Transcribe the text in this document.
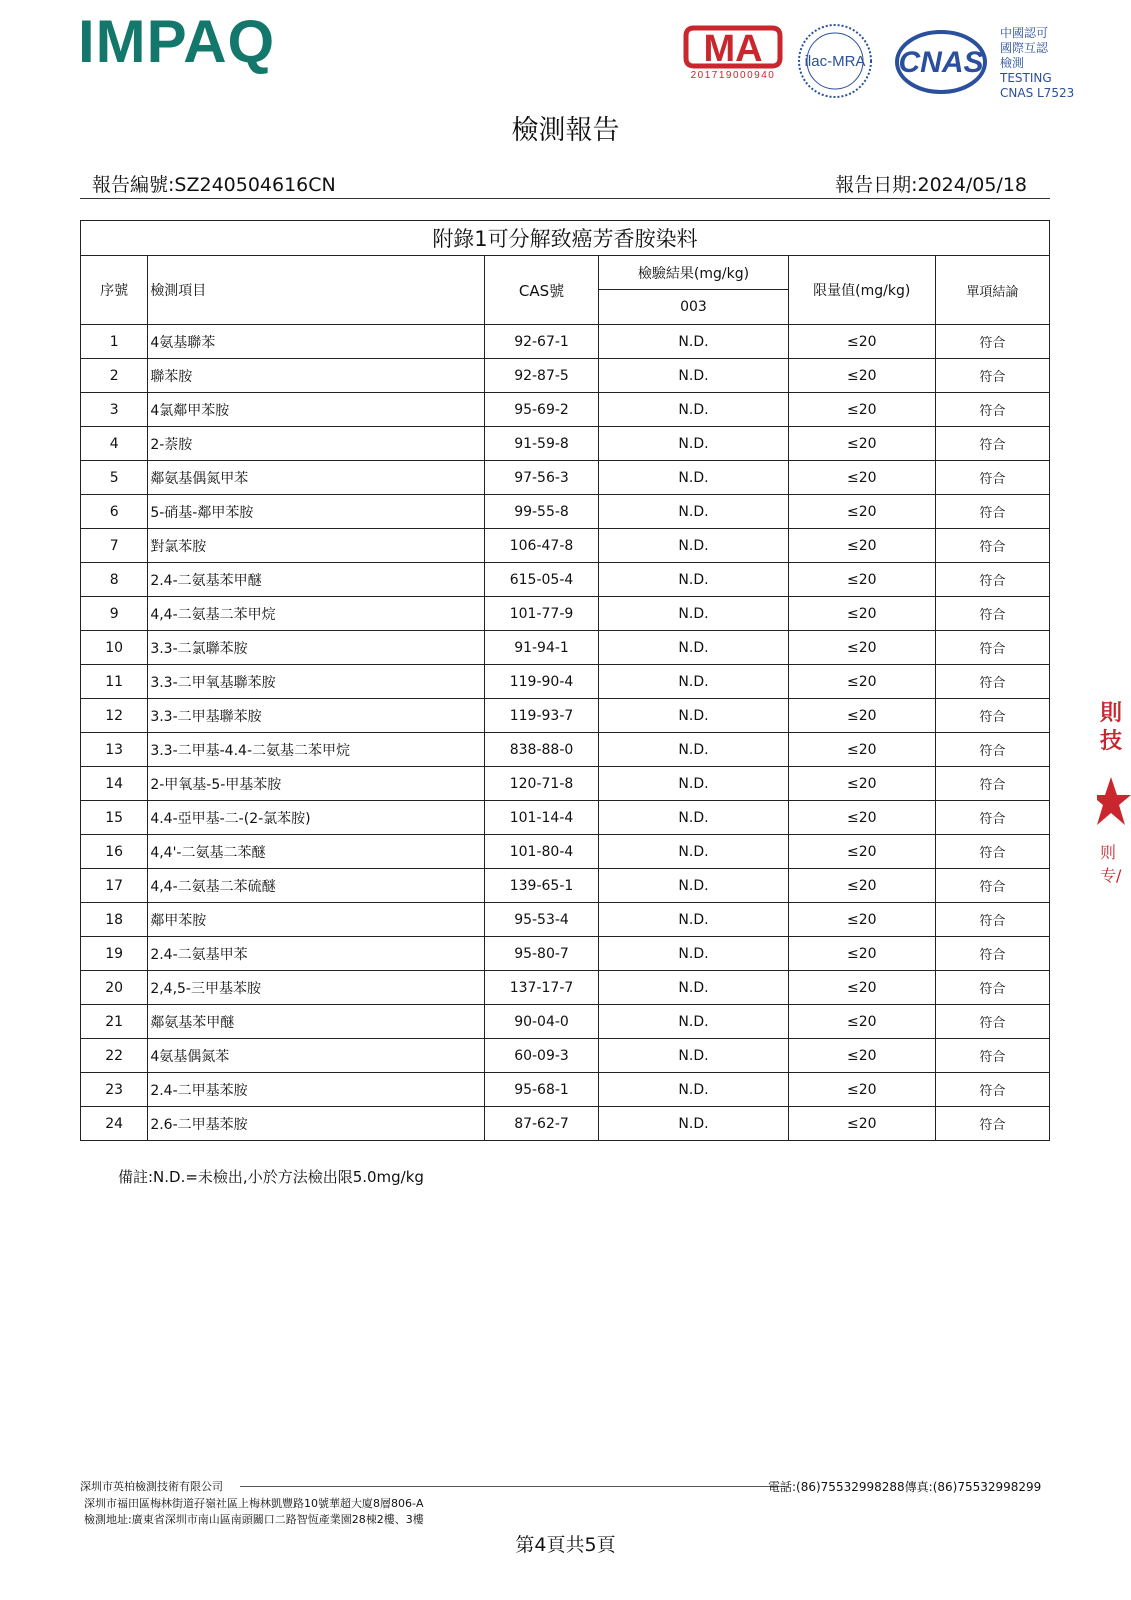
IMPAQ	MA
201719000940
ilac-MRA CNAS
中國認可
國際互認
檢測
TESTING
CNAS L7523
檢測報告
報告編號:SZ240504616CN	報告日期:2024/05/18
附錄1可分解致癌芳香胺染料					
序號	檢測項目	CAS號	檢驗結果(mg/kg)	限量值(mg/kg)	單項結論
			003		
1	4氨基聯苯	92-67-1	N.D.	≤20	符合
2	聯苯胺	92-87-5	N.D.	≤20	符合
3	4氯鄰甲苯胺	95-69-2	N.D.	≤20	符合
4	2-萘胺	91-59-8	N.D.	≤20	符合
5	鄰氨基偶氮甲苯	97-56-3	N.D.	≤20	符合
6	5-硝基-鄰甲苯胺	99-55-8	N.D.	≤20	符合
7	對氯苯胺	106-47-8	N.D.	≤20	符合
8	2.4-二氨基苯甲醚	615-05-4	N.D.	≤20	符合
9	4,4-二氨基二苯甲烷	101-77-9	N.D.	≤20	符合
10	3.3-二氯聯苯胺	91-94-1	N.D.	≤20	符合
11	3.3-二甲氧基聯苯胺	119-90-4	N.D.	≤20	符合
12	3.3-二甲基聯苯胺	119-93-7	N.D.	≤20	符合
13	3.3-二甲基-4.4-二氨基二苯甲烷	838-88-0	N.D.	≤20	符合
14	2-甲氧基-5-甲基苯胺	120-71-8	N.D.	≤20	符合
15	4.4-亞甲基-二-(2-氯苯胺)	101-14-4	N.D.	≤20	符合
16	4,4'-二氨基二苯醚	101-80-4	N.D.	≤20	符合
17	4,4-二氨基二苯硫醚	139-65-1	N.D.	≤20	符合
18	鄰甲苯胺	95-53-4	N.D.	≤20	符合
19	2.4-二氨基甲苯	95-80-7	N.D.	≤20	符合
20	2,4,5-三甲基苯胺	137-17-7	N.D.	≤20	符合
21	鄰氨基苯甲醚	90-04-0	N.D.	≤20	符合
22	4氨基偶氮苯	60-09-3	N.D.	≤20	符合
23	2.4-二甲基苯胺	95-68-1	N.D.	≤20	符合
24	2.6-二甲基苯胺	87-62-7	N.D.	≤20	符合
備註:N.D.=未檢出,小於方法檢出限5.0mg/kg
則
技
则专/
深圳市英柏檢測技術有限公司
深圳市福田區梅林街道孖嶺社區上梅林凱豐路10號華超大廈8層806-A
檢測地址:廣東省深圳市南山區南頭關口二路智恆產業園28棟2樓、3樓
電話:(86)75532998288傳真:(86)75532998299
第4頁共5頁
